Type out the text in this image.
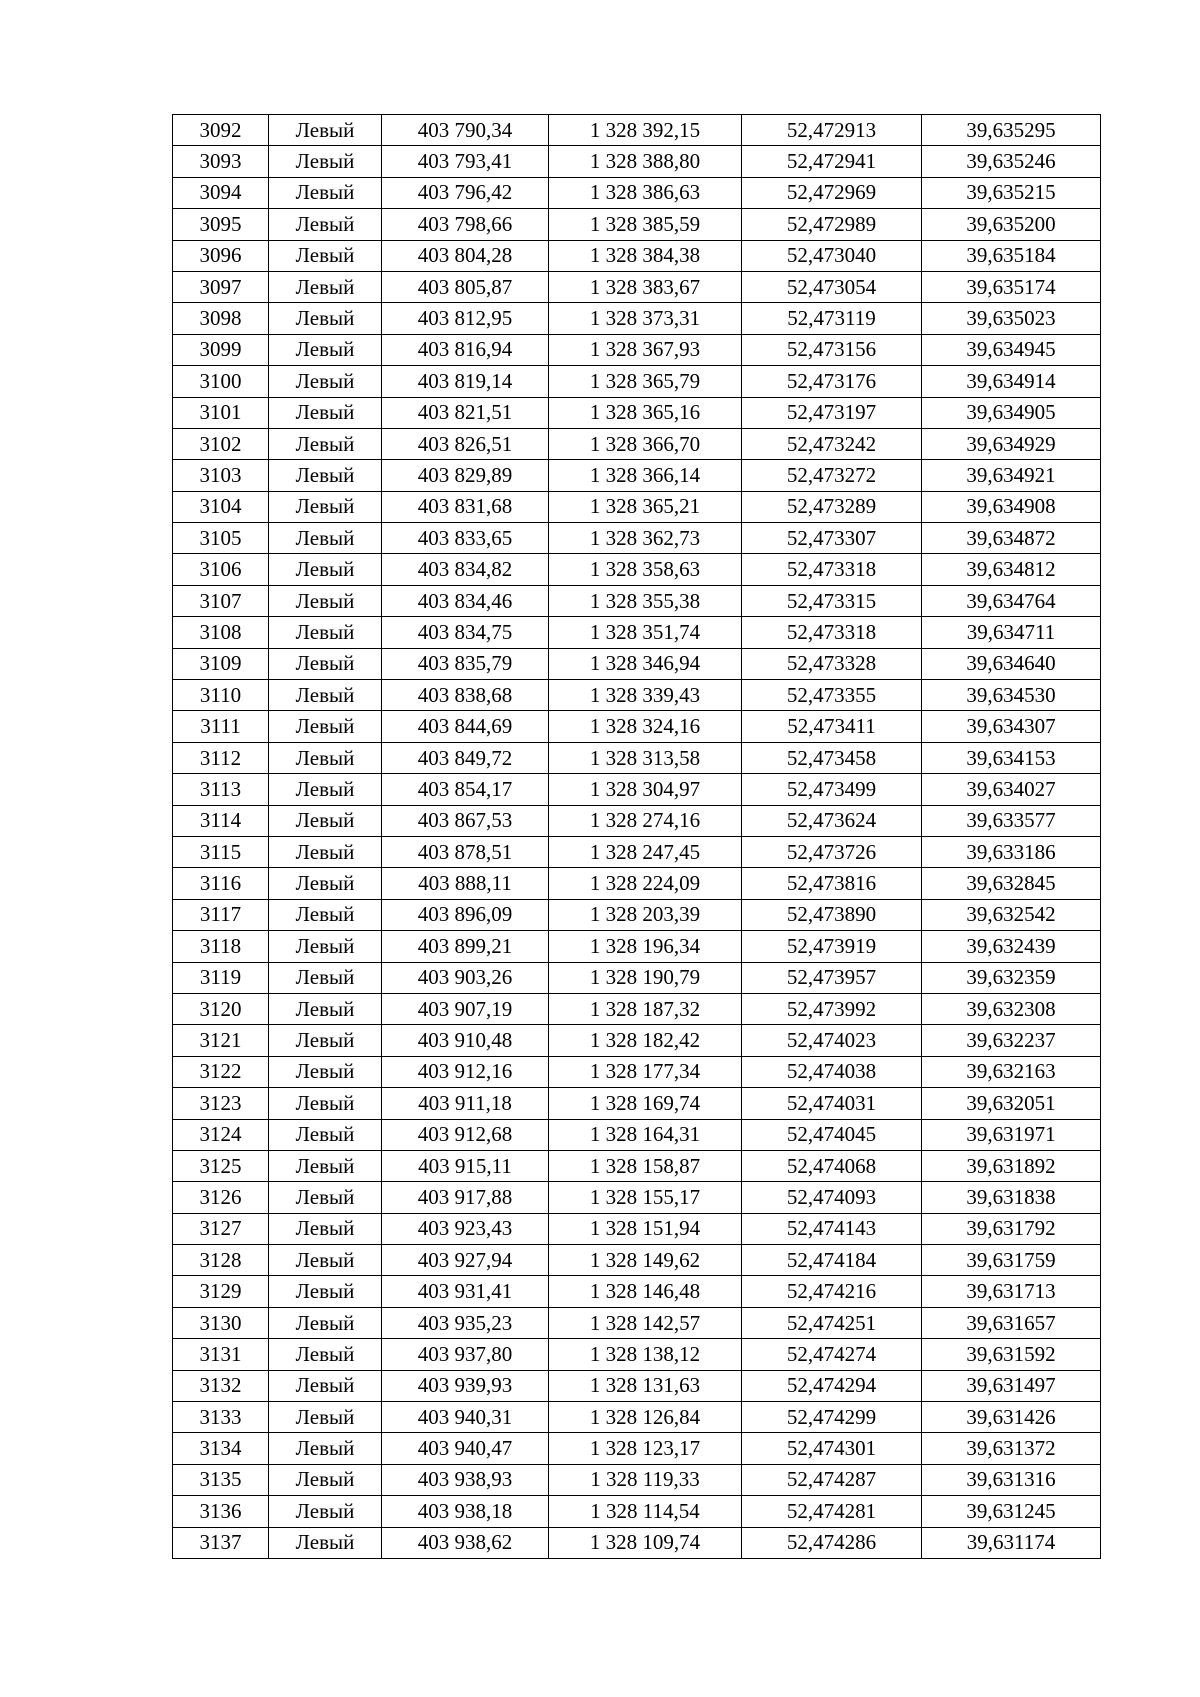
3092	Левый	403 790,34	1 328 392,15	52,472913	39,635295
3093	Левый	403 793,41	1 328 388,80	52,472941	39,635246
3094	Левый	403 796,42	1 328 386,63	52,472969	39,635215
3095	Левый	403 798,66	1 328 385,59	52,472989	39,635200
3096	Левый	403 804,28	1 328 384,38	52,473040	39,635184
3097	Левый	403 805,87	1 328 383,67	52,473054	39,635174
3098	Левый	403 812,95	1 328 373,31	52,473119	39,635023
3099	Левый	403 816,94	1 328 367,93	52,473156	39,634945
3100	Левый	403 819,14	1 328 365,79	52,473176	39,634914
3101	Левый	403 821,51	1 328 365,16	52,473197	39,634905
3102	Левый	403 826,51	1 328 366,70	52,473242	39,634929
3103	Левый	403 829,89	1 328 366,14	52,473272	39,634921
3104	Левый	403 831,68	1 328 365,21	52,473289	39,634908
3105	Левый	403 833,65	1 328 362,73	52,473307	39,634872
3106	Левый	403 834,82	1 328 358,63	52,473318	39,634812
3107	Левый	403 834,46	1 328 355,38	52,473315	39,634764
3108	Левый	403 834,75	1 328 351,74	52,473318	39,634711
3109	Левый	403 835,79	1 328 346,94	52,473328	39,634640
3110	Левый	403 838,68	1 328 339,43	52,473355	39,634530
3111	Левый	403 844,69	1 328 324,16	52,473411	39,634307
3112	Левый	403 849,72	1 328 313,58	52,473458	39,634153
3113	Левый	403 854,17	1 328 304,97	52,473499	39,634027
3114	Левый	403 867,53	1 328 274,16	52,473624	39,633577
3115	Левый	403 878,51	1 328 247,45	52,473726	39,633186
3116	Левый	403 888,11	1 328 224,09	52,473816	39,632845
3117	Левый	403 896,09	1 328 203,39	52,473890	39,632542
3118	Левый	403 899,21	1 328 196,34	52,473919	39,632439
3119	Левый	403 903,26	1 328 190,79	52,473957	39,632359
3120	Левый	403 907,19	1 328 187,32	52,473992	39,632308
3121	Левый	403 910,48	1 328 182,42	52,474023	39,632237
3122	Левый	403 912,16	1 328 177,34	52,474038	39,632163
3123	Левый	403 911,18	1 328 169,74	52,474031	39,632051
3124	Левый	403 912,68	1 328 164,31	52,474045	39,631971
3125	Левый	403 915,11	1 328 158,87	52,474068	39,631892
3126	Левый	403 917,88	1 328 155,17	52,474093	39,631838
3127	Левый	403 923,43	1 328 151,94	52,474143	39,631792
3128	Левый	403 927,94	1 328 149,62	52,474184	39,631759
3129	Левый	403 931,41	1 328 146,48	52,474216	39,631713
3130	Левый	403 935,23	1 328 142,57	52,474251	39,631657
3131	Левый	403 937,80	1 328 138,12	52,474274	39,631592
3132	Левый	403 939,93	1 328 131,63	52,474294	39,631497
3133	Левый	403 940,31	1 328 126,84	52,474299	39,631426
3134	Левый	403 940,47	1 328 123,17	52,474301	39,631372
3135	Левый	403 938,93	1 328 119,33	52,474287	39,631316
3136	Левый	403 938,18	1 328 114,54	52,474281	39,631245
3137	Левый	403 938,62	1 328 109,74	52,474286	39,631174
